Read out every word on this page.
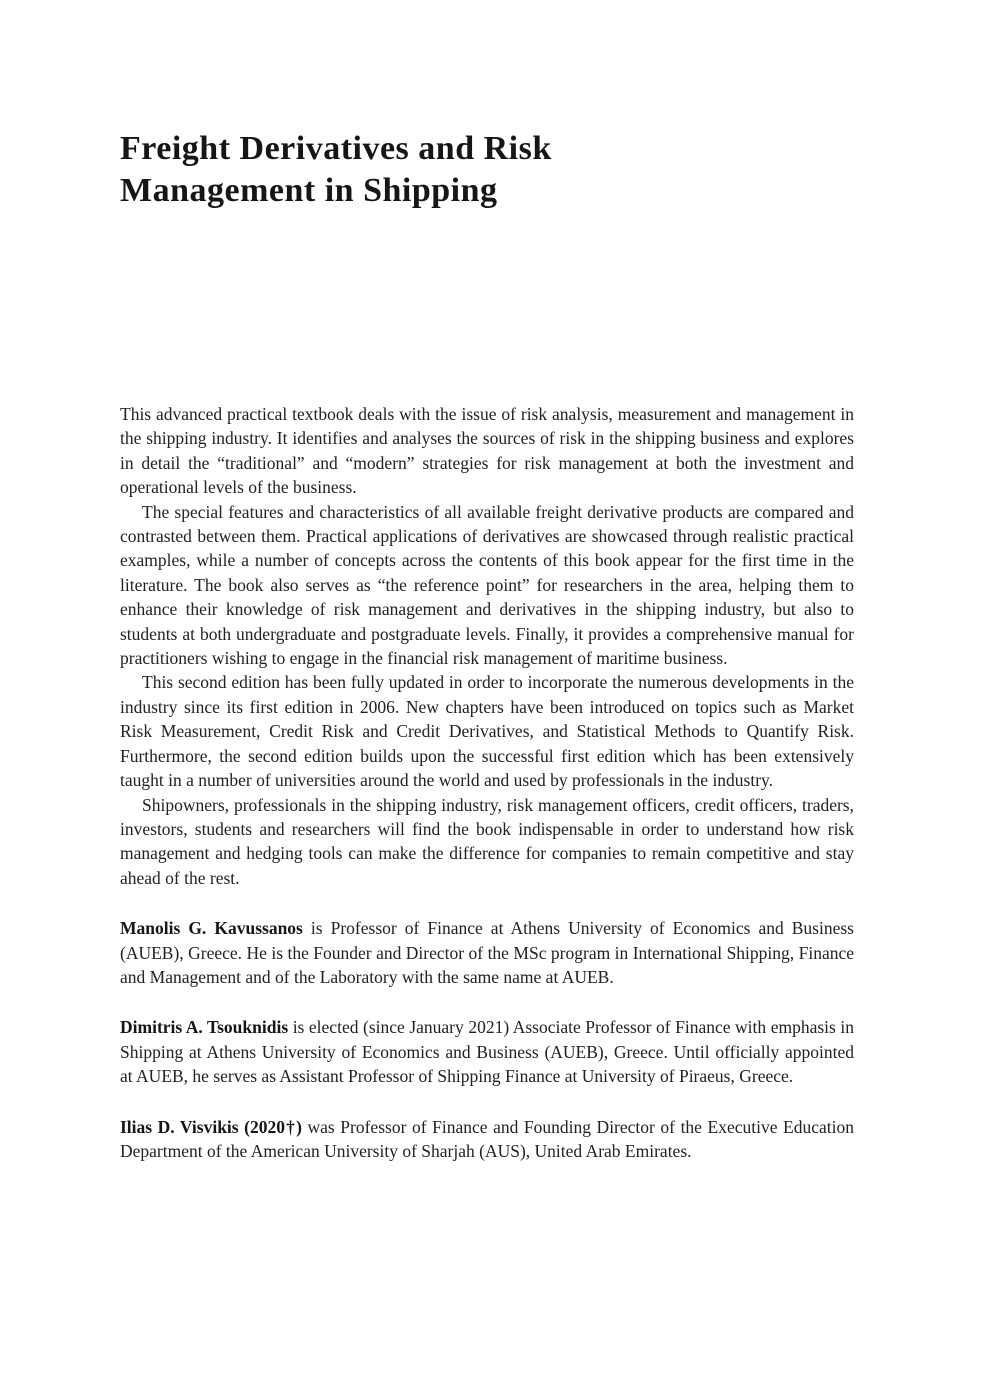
Freight Derivatives and Risk
Management in Shipping

This advanced practical textbook deals with the issue of risk analysis, measurement and management in the shipping industry. It identifies and analyses the sources of risk in the shipping business and explores in detail the “traditional” and “modern” strategies for risk management at both the investment and operational levels of the business.

The special features and characteristics of all available freight derivative products are compared and contrasted between them. Practical applications of derivatives are showcased through realistic practical examples, while a number of concepts across the contents of this book appear for the first time in the literature. The book also serves as “the reference point” for researchers in the area, helping them to enhance their knowledge of risk management and derivatives in the shipping industry, but also to students at both undergraduate and postgraduate levels. Finally, it provides a comprehensive manual for practitioners wishing to engage in the financial risk management of maritime business.

This second edition has been fully updated in order to incorporate the numerous developments in the industry since its first edition in 2006. New chapters have been introduced on topics such as Market Risk Measurement, Credit Risk and Credit Derivatives, and Statistical Methods to Quantify Risk. Furthermore, the second edition builds upon the successful first edition which has been extensively taught in a number of universities around the world and used by professionals in the industry.

Shipowners, professionals in the shipping industry, risk management officers, credit officers, traders, investors, students and researchers will find the book indispensable in order to understand how risk management and hedging tools can make the difference for companies to remain competitive and stay ahead of the rest.

Manolis G. Kavussanos is Professor of Finance at Athens University of Economics and Business (AUEB), Greece. He is the Founder and Director of the MSc program in International Shipping, Finance and Management and of the Laboratory with the same name at AUEB.

Dimitris A. Tsouknidis is elected (since January 2021) Associate Professor of Finance with emphasis in Shipping at Athens University of Economics and Business (AUEB), Greece. Until officially appointed at AUEB, he serves as Assistant Professor of Shipping Finance at University of Piraeus, Greece.

Ilias D. Visvikis (2020†) was Professor of Finance and Founding Director of the Executive Education Department of the American University of Sharjah (AUS), United Arab Emirates.
